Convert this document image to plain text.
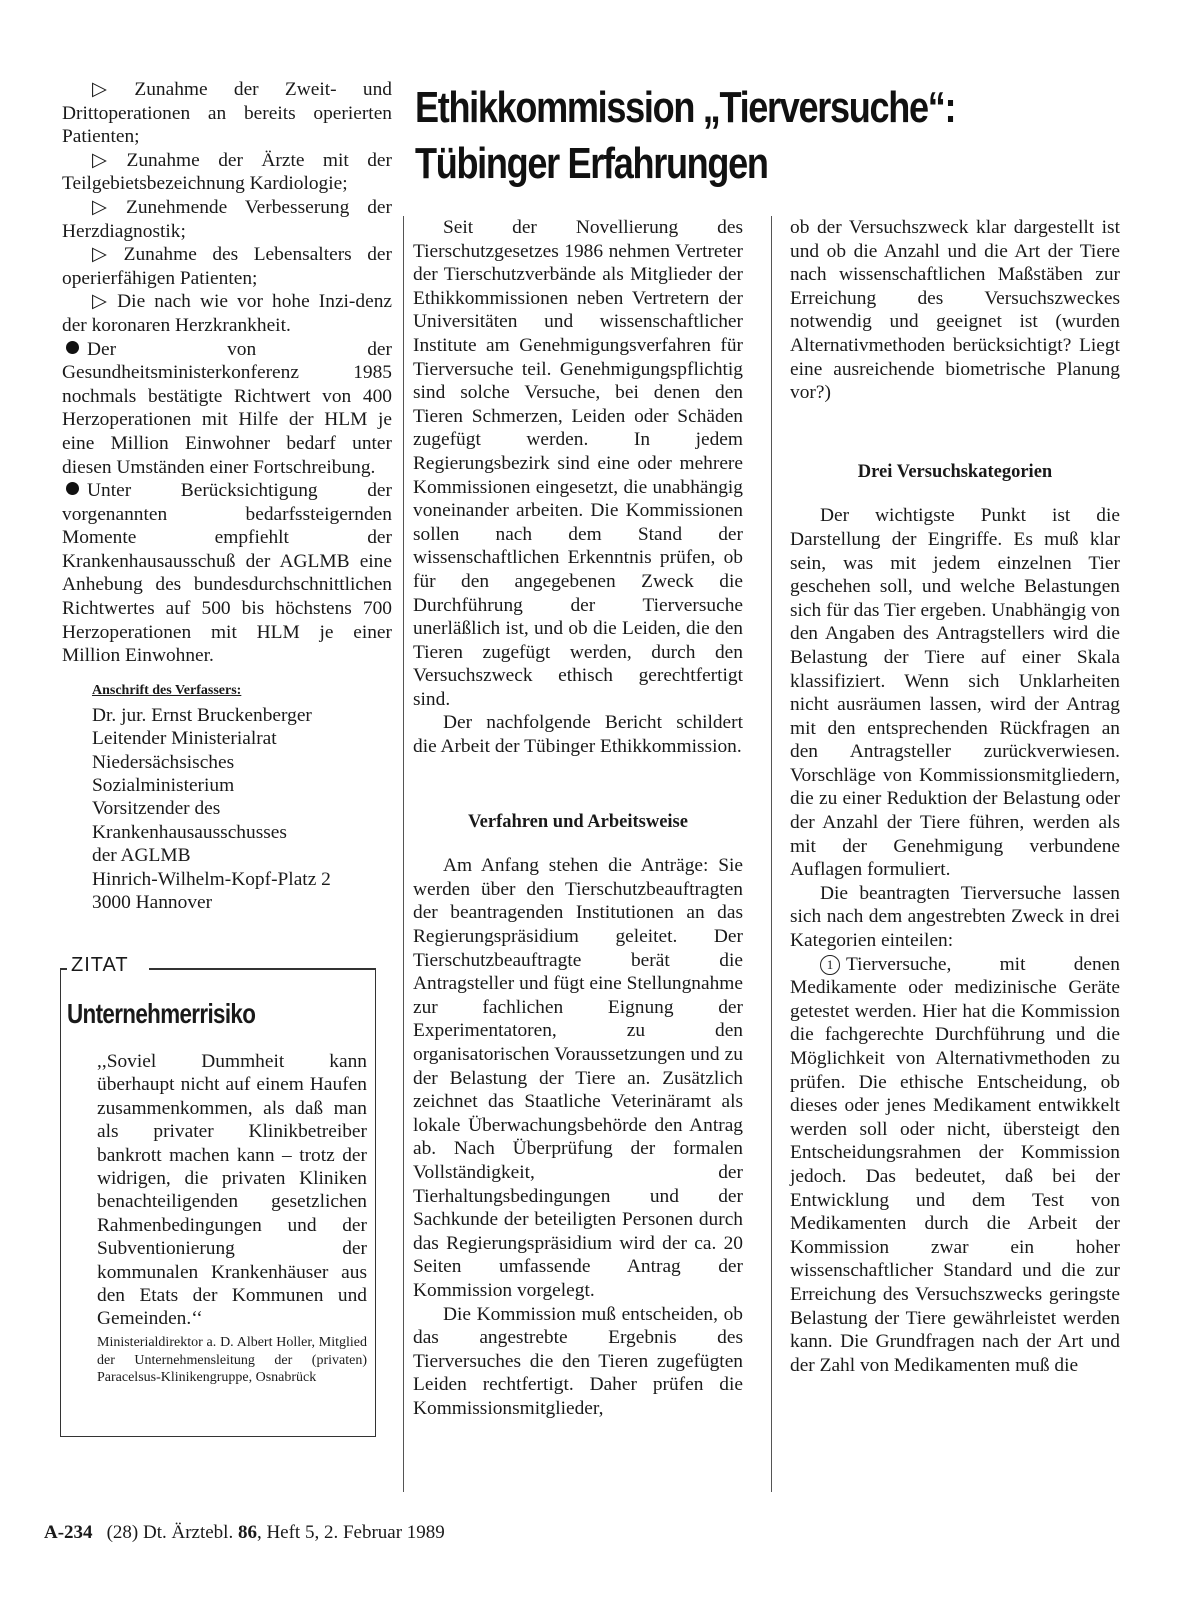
Ethikkommission „Tierversuche“:
Tübinger Erfahrungen

▷ Zunahme der Zweit- und Drittoperationen an bereits operierten Patienten;

▷ Zunahme der Ärzte mit der Teilgebietsbezeichnung Kardiologie;

▷ Zunehmende Verbesserung der Herzdiagnostik;

▷ Zunahme des Lebensalters der operierfähigen Patienten;

▷ Die nach wie vor hohe Inzi-denz der koronaren Herzkrankheit.

Der von der Gesundheitsministerkonferenz 1985 nochmals bestätigte Richtwert von 400 Herzoperationen mit Hilfe der HLM je eine Million Einwohner bedarf unter diesen Umständen einer Fortschreibung.

Unter Berücksichtigung der vorgenannten bedarfssteigernden Momente empfiehlt der Krankenhausausschuß der AGLMB eine Anhebung des bundesdurchschnittlichen Richtwertes auf 500 bis höchstens 700 Herzoperationen mit HLM je einer Million Einwohner.

Anschrift des Verfassers:
Dr. jur. Ernst Bruckenberger
Leitender Ministerialrat
Niedersächsisches
Sozialministerium
Vorsitzender des
Krankenhausausschusses
der AGLMB
Hinrich-Wilhelm-Kopf-Platz 2
3000 Hannover
ZITAT
Unternehmerrisiko

,,Soviel Dummheit kann überhaupt nicht auf einem Haufen zusammenkommen, als daß man als privater Klinikbetreiber bankrott machen kann – trotz der widrigen, die privaten Kliniken benachteiligenden gesetzlichen Rahmenbedingungen und der Subventionierung der kommunalen Krankenhäuser aus den Etats der Kommunen und Gemeinden.‘‘

Ministerialdirektor a. D. Albert Holler, Mitglied der Unternehmensleitung der (privaten) Paracelsus-Klinikengruppe, Osnabrück

Seit der Novellierung des Tierschutzgesetzes 1986 nehmen Vertreter der Tierschutzverbände als Mitglieder der Ethikkommissionen neben Vertretern der Universitäten und wissenschaftlicher Institute am Genehmigungsverfahren für Tierversuche teil. Genehmigungspflichtig sind solche Versuche, bei denen den Tieren Schmerzen, Leiden oder Schäden zugefügt werden. In jedem Regierungsbezirk sind eine oder mehrere Kommissionen eingesetzt, die unabhängig voneinander arbeiten. Die Kommissionen sollen nach dem Stand der wissenschaftlichen Erkenntnis prüfen, ob für den angegebenen Zweck die Durchführung der Tierversuche unerläßlich ist, und ob die Leiden, die den Tieren zugefügt werden, durch den Versuchszweck ethisch gerechtfertigt sind.

Der nachfolgende Bericht schildert die Arbeit der Tübinger Ethikkommission.

Verfahren und Arbeitsweise

Am Anfang stehen die Anträge: Sie werden über den Tierschutzbeauftragten der beantragenden Institutionen an das Regierungspräsidium geleitet. Der Tierschutzbeauftragte berät die Antragsteller und fügt eine Stellungnahme zur fachlichen Eignung der Experimentatoren, zu den organisatorischen Voraussetzungen und zu der Belastung der Tiere an. Zusätzlich zeichnet das Staatliche Veterinäramt als lokale Überwachungsbehörde den Antrag ab. Nach Überprüfung der formalen Vollständigkeit, der Tierhaltungsbedingungen und der Sachkunde der beteiligten Personen durch das Regierungspräsidium wird der ca. 20 Seiten umfassende Antrag der Kommission vorgelegt.

Die Kommission muß entscheiden, ob das angestrebte Ergebnis des Tierversuches die den Tieren zugefügten Leiden rechtfertigt. Daher prüfen die Kommissionsmitglieder,

ob der Versuchszweck klar dargestellt ist und ob die Anzahl und die Art der Tiere nach wissenschaftlichen Maßstäben zur Erreichung des Versuchszweckes notwendig und geeignet ist (wurden Alternativmethoden berücksichtigt? Liegt eine ausreichende biometrische Planung vor?)

Drei Versuchskategorien

Der wichtigste Punkt ist die Darstellung der Eingriffe. Es muß klar sein, was mit jedem einzelnen Tier geschehen soll, und welche Belastungen sich für das Tier ergeben. Unabhängig von den Angaben des Antragstellers wird die Belastung der Tiere auf einer Skala klassifiziert. Wenn sich Unklarheiten nicht ausräumen lassen, wird der Antrag mit den entsprechenden Rückfragen an den Antragsteller zurückverwiesen. Vorschläge von Kommissionsmitgliedern, die zu einer Reduktion der Belastung oder der Anzahl der Tiere führen, werden als mit der Genehmigung verbundene Auflagen formuliert.

Die beantragten Tierversuche lassen sich nach dem angestrebten Zweck in drei Kategorien einteilen:

1 Tierversuche, mit denen Medikamente oder medizinische Geräte getestet werden. Hier hat die Kommission die fachgerechte Durchführung und die Möglichkeit von Alternativmethoden zu prüfen. Die ethische Entscheidung, ob dieses oder jenes Medikament entwikkelt werden soll oder nicht, übersteigt den Entscheidungsrahmen der Kommission jedoch. Das bedeutet, daß bei der Entwicklung und dem Test von Medikamenten durch die Arbeit der Kommission zwar ein hoher wissenschaftlicher Standard und die zur Erreichung des Versuchszwecks geringste Belastung der Tiere gewährleistet werden kann. Die Grundfragen nach der Art und der Zahl von Medikamenten muß die

A-234 (28) Dt. Ärztebl. 86, Heft 5, 2. Februar 1989
